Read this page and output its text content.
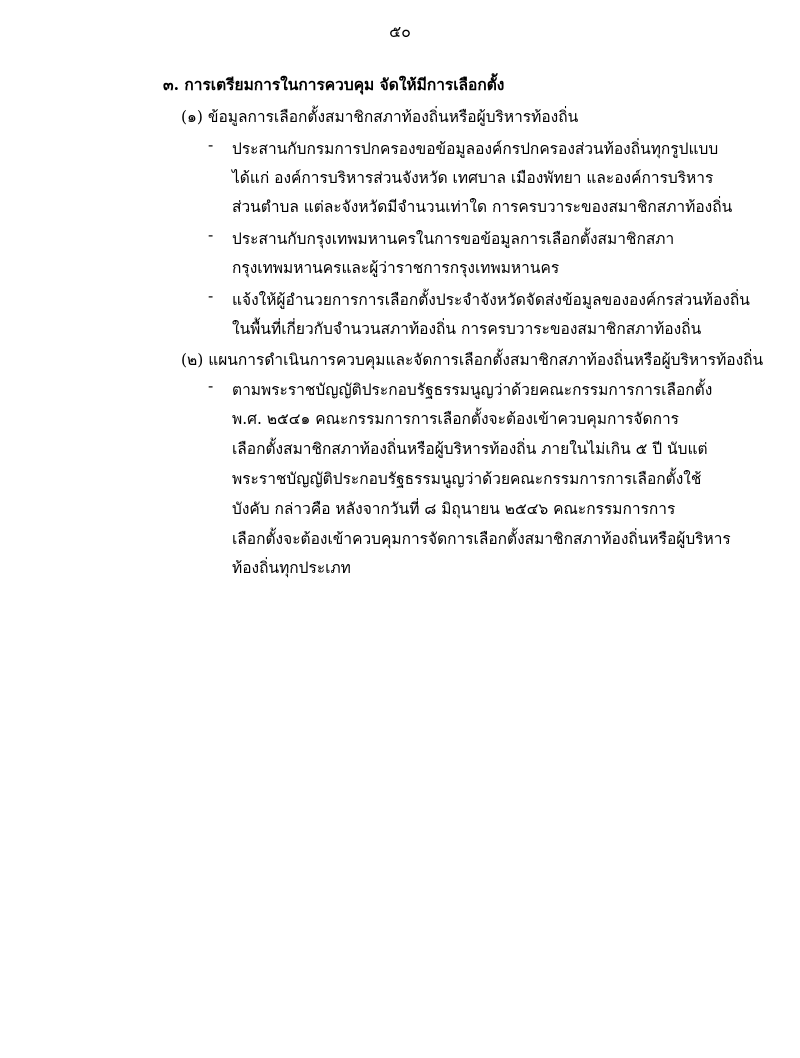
๕๐
๓. การเตรียมการในการควบคุม จัดให้มีการเลือกตั้ง
(๑) ข้อมูลการเลือกตั้งสมาชิกสภาท้องถิ่นหรือผู้บริหารท้องถิ่น
- ประสานกับกรมการปกครองขอข้อมูลองค์กรปกครองส่วนท้องถิ่นทุกรูปแบบ
ได้แก่ องค์การบริหารส่วนจังหวัด เทศบาล เมืองพัทยา และองค์การบริหาร
ส่วนตำบล แต่ละจังหวัดมีจำนวนเท่าใด การครบวาระของสมาชิกสภาท้องถิ่น
- ประสานกับกรุงเทพมหานครในการขอข้อมูลการเลือกตั้งสมาชิกสภา
กรุงเทพมหานครและผู้ว่าราชการกรุงเทพมหานคร
- แจ้งให้ผู้อำนวยการการเลือกตั้งประจำจังหวัดจัดส่งข้อมูลขององค์กรส่วนท้องถิ่น
ในพื้นที่เกี่ยวกับจำนวนสภาท้องถิ่น การครบวาระของสมาชิกสภาท้องถิ่น
(๒) แผนการดำเนินการควบคุมและจัดการเลือกตั้งสมาชิกสภาท้องถิ่นหรือผู้บริหารท้องถิ่น
- ตามพระราชบัญญัติประกอบรัฐธรรมนูญว่าด้วยคณะกรรมการการเลือกตั้ง
พ.ศ. ๒๕๔๑ คณะกรรมการการเลือกตั้งจะต้องเข้าควบคุมการจัดการ
เลือกตั้งสมาชิกสภาท้องถิ่นหรือผู้บริหารท้องถิ่น ภายในไม่เกิน ๕ ปี นับแต่
พระราชบัญญัติประกอบรัฐธรรมนูญว่าด้วยคณะกรรมการการเลือกตั้งใช้
บังคับ กล่าวคือ หลังจากวันที่ ๘ มิถุนายน ๒๕๔๖ คณะกรรมการการ
เลือกตั้งจะต้องเข้าควบคุมการจัดการเลือกตั้งสมาชิกสภาท้องถิ่นหรือผู้บริหาร
ท้องถิ่นทุกประเภท
